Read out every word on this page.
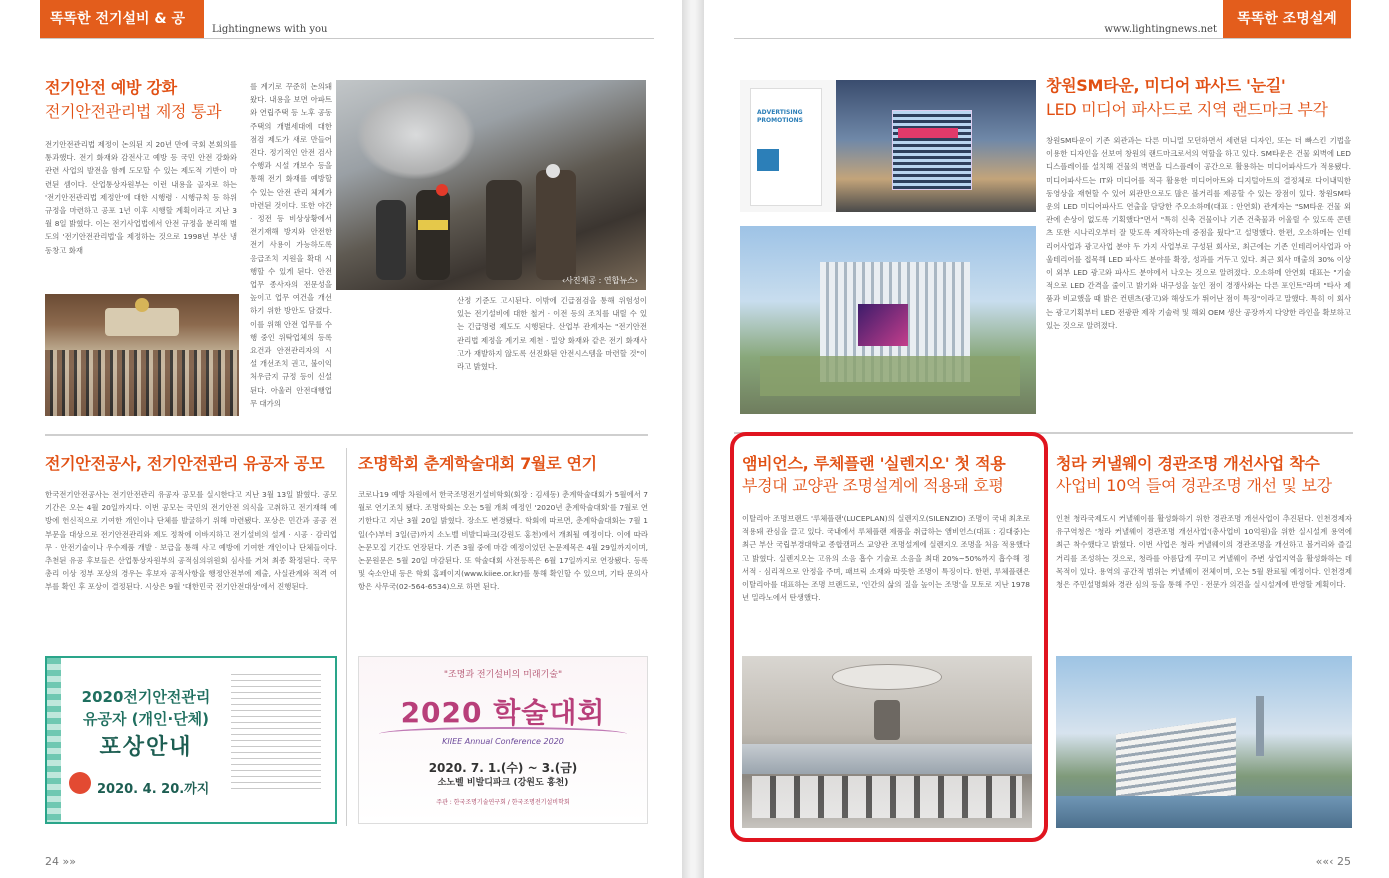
똑똑한 전기설비 & 공사소식
Lightingnews with you
전기안전 예방 강화
전기안전관리법 제정 통과
전기안전관리법 제정이 논의된 지 20년 만에 국회 본회의를 통과했다. 전기 화재와 감전사고 예방 등 국민 안전 강화와 관련 사업의 발전을 함께 도모할 수 있는 제도적 기반이 마련된 셈이다. 산업통상자원부는 이런 내용을 골자로 하는 '전기안전관리법 제정안'에 대한 시행령 · 시행규칙 등 하위규정을 마련하고 공포 1년 이후 시행할 계획이라고 지난 3월 8일 밝혔다. 이는 전기사업법에서 안전 규정을 분리해 별도의 '전기안전관리법'을 제정하는 것으로 1998년 부산 냉동창고 화재
를 계기로 꾸준히 논의돼 왔다. 내용을 보면 아파트와 연립주택 등 노후 공동주택의 개별세대에 대한 점검 제도가 새로 만들어진다. 정기적인 안전 검사 수행과 시설 개보수 등을 통해 전기 화재를 예방할 수 있는 안전 관리 체계가 마련된 것이다. 또한 야간 · 정전 등 비상상황에서 전기재해 방지와 안전한 전기 사용이 가능하도록 응급조치 지원을 확대 시행할 수 있게 된다. 안전 업무 종사자의 전문성을 높이고 업무 여건을 개선하기 위한 방안도 담겼다. 이를 위해 안전 업무를 수행 중인 위탁업체의 등록 요건과 안전관리자의 시설 개선조치 권고, 불이익 처우금지 규정 등이 신설된다. 아울러 안전대행업무 대가의
‹사진제공 : 연합뉴스›
산정 기준도 고시된다. 이밖에 긴급점검을 통해 위험성이 있는 전기설비에 대한 철거 · 이전 등의 조치를 내릴 수 있는 긴급명령 제도도 시행된다. 산업부 관계자는 "전기안전관리법 제정을 계기로 제천 · 밀양 화재와 같은 전기 화재사고가 재발하지 않도록 선진화된 안전시스템을 마련할 것"이라고 밝혔다.
전기안전공사, 전기안전관리 유공자 공모
한국전기안전공사는 전기안전관리 유공자 공모를 실시한다고 지난 3월 13일 밝혔다. 공모 기간은 오는 4월 20일까지다. 이번 공모는 국민의 전기안전 의식을 고취하고 전기재해 예방에 헌신적으로 기여한 개인이나 단체를 발굴하기 위해 마련됐다. 포상은 민간과 공공 전 부문을 대상으로 전기안전관리와 제도 정착에 이바지하고 전기설비의 설계 · 시공 · 감리업무 · 안전기술이나 우수제품 개발 · 보급을 통해 사고 예방에 기여한 개인이나 단체들이다. 추천된 유공 후보들은 산업통상자원부의 공적심의위원회 심사를 거쳐 최종 확정된다. 국무총리 이상 정부 포상의 경우는 후보자 공적사항을 행정안전부에 제출, 사실관계와 적격 여부를 확인 후 포상이 결정된다. 시상은 9월 '대한민국 전기안전대상'에서 진행된다.
2020전기안전관리
유공자 (개인·단체)
포상안내
2020. 4. 20.까지
조명학회 춘계학술대회 7월로 연기
코로나19 예방 차원에서 한국조명전기설비학회(회장 : 김세동) 춘계학술대회가 5월에서 7월로 연기조치 됐다. 조명학회는 오는 5월 개최 예정인 '2020년 춘계학술대회'를 7월로 연기한다고 지난 3월 20일 밝혔다. 장소도 변경됐다. 학회에 따르면, 춘계학술대회는 7월 1일(수)부터 3일(금)까지 소노벨 비발디파크(강원도 홍천)에서 개최될 예정이다. 이에 따라 논문모집 기간도 연장된다. 기존 3월 중에 마감 예정이었던 논문제목은 4월 29일까지이며, 논문원문은 5월 20일 마감된다. 또 학술대회 사전등록은 6월 17일까지로 연장됐다. 등록 및 숙소안내 등은 학회 홈페이지(www.kiiee.or.kr)를 통해 확인할 수 있으며, 기타 문의사항은 사무국(02-564-6534)으로 하면 된다.
"조명과 전기설비의 미래기술"
2020 학술대회
KIIEE Annual Conference 2020
2020. 7. 1.(수) ~ 3.(금)
소노벨 비발디파크 (강원도 홍천)
주관 : 한국조명기술연구회 / 한국조명전기설비학회
24 »»
www.lightingnews.net
똑똑한 조명설계소식
ADVERTISING PROMOTIONS
창원SM타운, 미디어 파사드 '눈길'
LED 미디어 파사드로 지역 랜드마크 부각
창원SM타운이 기존 외관과는 다른 미니멀 모던하면서 세련된 디자인, 또는 더 빠스킨 기법을 이용한 디자인을 선보여 창원의 랜드마크로서의 역할을 하고 있다. SM타운은 건물 외벽에 LED 디스플레이를 설치해 건물의 벽면을 디스플레이 공간으로 활용하는 미디어파사드가 적용됐다. 미디어파사드는 IT와 미디어를 적극 활용한 미디어아트와 디지털아트의 결정체로 다이내믹한 동영상을 재현할 수 있어 외관만으로도 많은 볼거리를 제공할 수 있는 장점이 있다. 창원SM타운의 LED 미디어파사드 연출을 담당한 주오소하메(대표 : 안연회) 관계자는 "SM타운 건물 외관에 손상이 없도록 기획했다"면서 "특히 신축 건물이나 기존 건축물과 어울릴 수 있도록 콘텐츠 또한 시나리오부터 잘 맞도록 제작하는데 중점을 뒀다"고 설명했다. 한편, 오소하메는 인테리어사업과 광고사업 분야 두 가지 사업부로 구성된 회사로, 최근에는 기존 인테리어사업과 아울테리어를 접목해 LED 파사드 분야를 확장, 성과를 거두고 있다. 최근 회사 매출의 30% 이상이 외부 LED 광고와 파사드 분야에서 나오는 것으로 알려졌다. 오소하메 안연회 대표는 "기술적으로 LED 간격을 줄이고 밝기와 내구성을 높인 점이 경쟁사와는 다른 포인트"라며 "타사 제품과 비교했을 때 밝은 컨텐츠(광고)와 해상도가 뛰어난 점이 특징"이라고 말했다. 특히 이 회사는 광고기획부터 LED 전광판 제작 기술력 및 해외 OEM 생산 공장까지 다양한 라인을 확보하고 있는 것으로 알려졌다.
앰비언스, 루체플랜 '실렌지오' 첫 적용
부경대 교양관 조명설계에 적용돼 호평
이탈리아 조명브랜드 '루체플랜'(LUCEPLAN)의 실렌지오(SILENZIO) 조명이 국내 최초로 적용돼 관심을 끌고 있다. 국내에서 루체플랜 제품을 취급하는 앰비언스(대표 : 김대중)는 최근 부산 국립부경대학교 종합캠퍼스 교양관 조명설계에 실렌지오 조명을 처음 적용했다고 밝혔다. 실렌지오는 고유의 소음 흡수 기술로 소음을 최대 20%~50%까지 흡수해 정서적 · 심리적으로 안정을 주며, 패브릭 소재와 따뜻한 조명이 특징이다. 한편, 루체플랜은 이탈리아를 대표하는 조명 브랜드로, '인간의 삶의 질을 높이는 조명'을 모토로 지난 1978년 밀라노에서 탄생했다.
청라 커낼웨이 경관조명 개선사업 착수
사업비 10억 들여 경관조명 개선 및 보강
인천 청라국제도시 커낼웨이를 활성화하기 위한 경관조명 개선사업이 추진된다. 인천경제자유구역청은 '청라 커낼웨이 경관조명 개선사업'(총사업비 10억원)을 위한 실시설계 용역에 최근 착수했다고 밝혔다. 이번 사업은 청라 커낼웨이의 경관조명을 개선하고 볼거리와 즐길 거리를 조성하는 것으로, 청라를 아름답게 꾸미고 커낼웨이 주변 상업지역을 활성화하는 데 목적이 있다. 용역의 공간적 범위는 커낼웨이 전체이며, 오는 5월 완료될 예정이다. 인천경제청은 주민설명회와 경관 심의 등을 통해 주민 · 전문가 의견을 실시설계에 반영할 계획이다.
««‹ 25
